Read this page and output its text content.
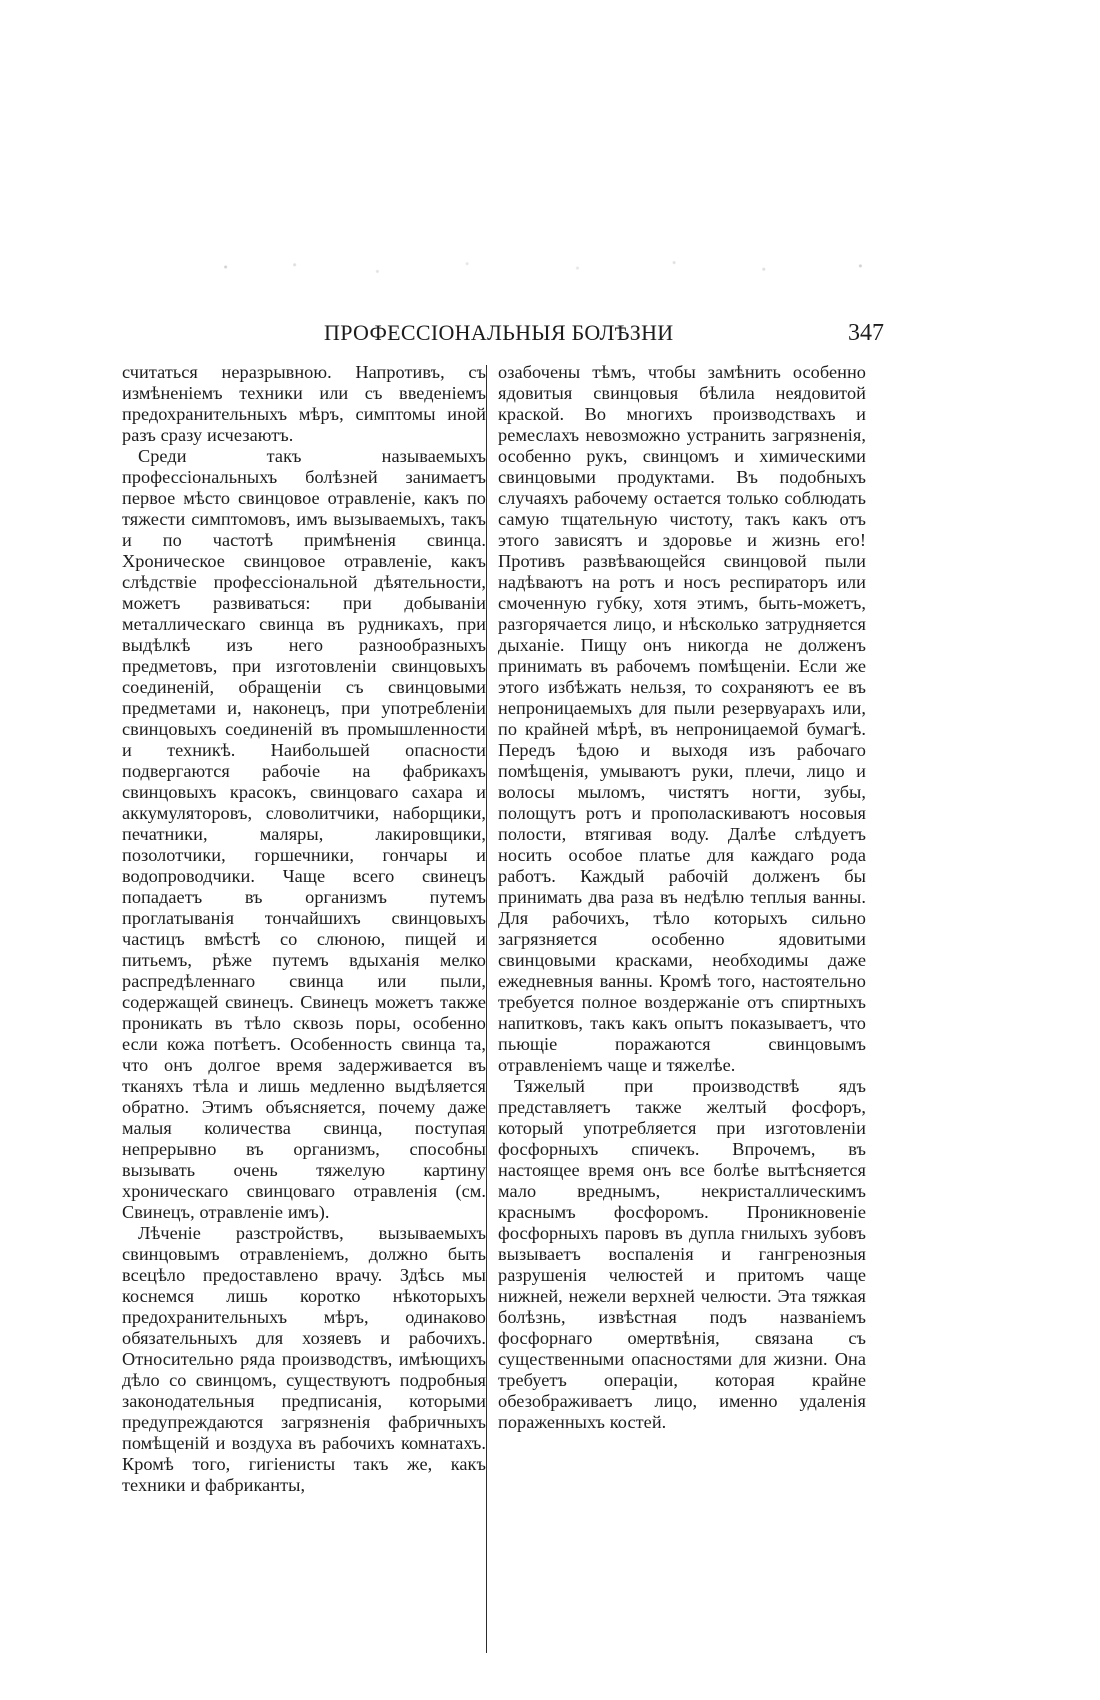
ПРОФЕССIОНАЛЬНЫЯ БОЛѢЗНИ	347

считаться неразрывною. Напротивъ, съ измѣненіемъ техники или съ введеніемъ предохранительныхъ мѣръ, симптомы иной разъ сразу исчезаютъ.

Среди такъ называемыхъ профессіональныхъ болѣзней занимаетъ первое мѣсто свинцовое отравленіе, какъ по тяжести симптомовъ, имъ вызываемыхъ, такъ и по частотѣ примѣненія свинца. Хроническое свинцовое отравленіе, какъ слѣдствіе профессіональной дѣятельности, можетъ развиваться: при добываніи металлическаго свинца въ рудникахъ, при выдѣлкѣ изъ него разнообразныхъ предметовъ, при изготовленіи свинцовыхъ соединеній, обращеніи съ свинцовыми предметами и, наконецъ, при употребленіи свинцовыхъ соединеній въ промышленности и техникѣ. Наибольшей опасности подвергаются рабочіе на фабрикахъ свинцовыхъ красокъ, свинцоваго сахара и аккумуляторовъ, словолитчики, наборщики, печатники, маляры, лакировщики, позолотчики, горшечники, гончары и водопроводчики. Чаще всего свинецъ попадаетъ въ организмъ путемъ проглатыванія тончайшихъ свинцовыхъ частицъ вмѣстѣ со слюною, пищей и питьемъ, рѣже путемъ вдыханія мелко распредѣленнаго свинца или пыли, содержащей свинецъ. Свинецъ можетъ также проникать въ тѣло сквозь поры, особенно если кожа потѣетъ. Особенность свинца та, что онъ долгое время задерживается въ тканяхъ тѣла и лишь медленно выдѣляется обратно. Этимъ объясняется, почему даже малыя количества свинца, поступая непрерывно въ организмъ, способны вызывать очень тяжелую картину хроническаго свинцоваго отравленія (см. Свинецъ, отравленіе имъ).

Лѣченіе разстройствъ, вызываемыхъ свинцовымъ отравленіемъ, должно быть всецѣло предоставлено врачу. Здѣсь мы коснемся лишь коротко нѣкоторыхъ предохранительныхъ мѣръ, одинаково обязательныхъ для хозяевъ и рабочихъ. Относительно ряда производствъ, имѣющихъ дѣло со свинцомъ, существуютъ подробныя законодательныя предписанія, которыми предупреждаются загрязненія фабричныхъ помѣщеній и воздуха въ рабочихъ комнатахъ. Кромѣ того, гигіенисты такъ же, какъ техники и фабриканты,

озабочены тѣмъ, чтобы замѣнить особенно ядовитыя свинцовыя бѣлила неядовитой краской. Во многихъ производствахъ и ремеслахъ невозможно устранить загрязненія, особенно рукъ, свинцомъ и химическими свинцовыми продуктами. Въ подобныхъ случаяхъ рабочему остается только соблюдать самую тщательную чистоту, такъ какъ отъ этого зависятъ и здоровье и жизнь его! Противъ развѣвающейся свинцовой пыли надѣваютъ на ротъ и носъ респираторъ или смоченную губку, хотя этимъ, быть-можетъ, разгорячается лицо, и нѣсколько затрудняется дыханіе. Пищу онъ никогда не долженъ принимать въ рабочемъ помѣщеніи. Если же этого избѣжать нельзя, то сохраняютъ ее въ непроницаемыхъ для пыли резервуарахъ или, по крайней мѣрѣ, въ непроницаемой бумагѣ. Передъ ѣдою и выходя изъ рабочаго помѣщенія, умываютъ руки, плечи, лицо и волосы мыломъ, чистятъ ногти, зубы, полощутъ ротъ и прополаскиваютъ носовыя полости, втягивая воду. Далѣе слѣдуетъ носить особое платье для каждаго рода работъ. Каждый рабочій долженъ бы принимать два раза въ недѣлю теплыя ванны. Для рабочихъ, тѣло которыхъ сильно загрязняется особенно ядовитыми свинцовыми красками, необходимы даже ежедневныя ванны. Кромѣ того, настоятельно требуется полное воздержаніе отъ спиртныхъ напитковъ, такъ какъ опытъ показываетъ, что пьющіе поражаются свинцовымъ отравленіемъ чаще и тяжелѣе.

Тяжелый при производствѣ ядъ представляетъ также желтый фосфоръ, который употребляется при изготовленіи фосфорныхъ спичекъ. Впрочемъ, въ настоящее время онъ все болѣе вытѣсняется мало вреднымъ, некристаллическимъ краснымъ фосфоромъ. Проникновеніе фосфорныхъ паровъ въ дупла гнилыхъ зубовъ вызываетъ воспаленія и гангренозныя разрушенія челюстей и притомъ чаще нижней, нежели верхней челюсти. Эта тяжкая болѣзнь, извѣстная подъ названіемъ фосфорнаго омертвѣнія, связана съ существенными опасностями для жизни. Она требуетъ операціи, которая крайне обезображиваетъ лицо, именно удаленія пораженныхъ костей.
